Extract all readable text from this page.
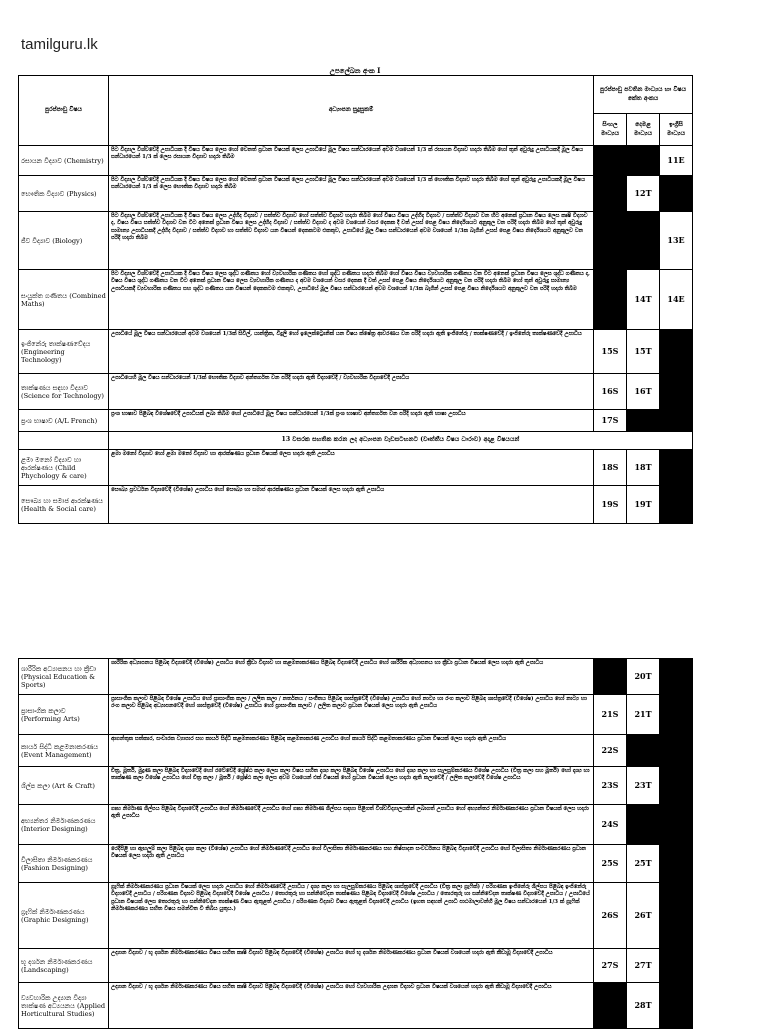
tamilguru.lk
උපලේඛන අංක I
පුරප්පාඩු විෂය	අධ්‍යාපන සුදුසුකම්	පුරප්පාඩු පවතින මාධ්‍යය හා විෂය කේත අංකය		
		සිංහල මාධ්‍යය	දෙමළ මාධ්‍යය	ඉංග්‍රීසි මාධ්‍යය
රසායන විද්‍යාව (Chemistry)	පිට විද්‍යාල විශ්වවේදි උපාධියක දී විෂය විෂය ලෙස හෝ වෙනත් ප්‍රධාන විෂයක් ලෙස උපාධියේ මූල විෂය සන්ධාරයෙන් අවම වශයෙන් 1/3 ක් රසායන විද්‍යාව හදාරා තිබීම හෝ තුන් අවුරුදු උපාධියකදී මූල විෂය සන්ධාරයෙන් 1/3 ක් ලෙස රසායන විද්‍යාව හදාරා තිබීම			11E
භෞතික විද්‍යාව (Physics)	පිට විද්‍යාල විශ්වවේදි උපාධියක දී විෂය විෂය ලෙස හෝ වෙනත් ප්‍රධාන විෂයක් ලෙස උපාධියේ මූල විෂය සන්ධාරයෙන් අවම වශයෙන් 1/3 ක් භෞතික විද්‍යාව හදාරා තිබීම හෝ තුන් අවුරුදු උපාධියකදී මූල විෂය සන්ධාරයෙන් 1/3 ක් ලෙස භෞතික විද්‍යාව හදාරා තිබීම		12T	
ජීව විද්‍යාව (Biology)	පිට විද්‍යාල විශ්වවේදි උපාධියක දී විෂය විෂය ලෙස උද්භිද විද්‍යාව / සත්ත්ව විද්‍යාව හෝ සත්ත්ව විද්‍යාව හදාරා තිබීම හෝ විෂය විෂය උද්භිද විද්‍යාව / සත්ත්ව විද්‍යාව වන හිට අනෙක් ප්‍රධාන විෂය ලෙස කෘෂි විද්‍යාව ද, විෂය විෂය සත්ත්ව විද්‍යාව වන විට අනෙක් ප්‍රධාන විෂය ලෙස උද්භිද විද්‍යාව / සත්ත්ව විද්‍යාව ද අවම වශයෙන් වසර දෙකක දී වත් උසස් පෙළ විෂය නිර්දේශයට අනුකූල වන පරිදි හදාරා තිබීම හෝ තුන් අවුරුදු සාමාන්‍ය උපාධියකදී උද්භිද විද්‍යාව / සත්ත්ව විද්‍යාව හා සත්ත්ව විද්‍යාව යන විෂයන් දෙකකටම එකතුව, උපාධියේ මූල විෂය සන්ධාරයෙන් අවම වශයෙන් 1/3ක බැගින් උසස් පෙළ විෂය නිර්දේශයට අනුකූලව වන පරිදි හදාරා තිබීම			13E
සංයුක්ත ගණිතය (Combined Maths)	පිට විද්‍යාල විශ්වවේදි උපාධියක දී විෂය විෂය ලෙස ශුද්ධ ගණිතය හෝ ව්‍යවහාරික ගණිතය හෝ ශුද්ධ ගණිතය හදාරා තිබීම හෝ විෂය විෂය ව්‍යවහාරික ගණිතය වන විට අනෙක් ප්‍රධාන විෂය ලෙස ශුද්ධ ගණිතය ද, විෂය විෂය ශුද්ධ ගණිතය වන විට අනෙක් ප්‍රධාන විෂය ලෙස ව්‍යවහාරික ගණිතය ද අවම වශයෙන් වසර දෙකක දී වත් උසස් පෙළ විෂය නිර්දේශයට අනුකූල වන පරිදි හදාරා තිබීම හෝ තුන් අවුරුදු සාමාන්‍ය උපාධියකදී ව්‍යවහාරික ගණිතය සහ ශුද්ධ ගණිතය යන විෂයන් දෙකකටම එකතුව, උපාධියේ මූල විෂය සන්ධාරයෙන් අවම වශයෙන් 1/3ක බැගින් උසස් පෙළ විෂය නිර්දේශයට අනුකූලව වන පරිදි හදාරා තිබීම		14T	14E
ඉංජිනේරු තාක්ෂණවේදය (Engineering Technology)	උපාධියේ මූල විෂය සන්ධාරයෙන් අවම වශයෙන් 1/3ක් සිවිල්, යාන්ත්‍රික, විදුලි හෝ ඉලෙක්ට්‍රොනික් යන විෂය ක්ෂේත්‍ර ආවරණය වන පරිදි හදාරා ඇති ඉංජිනේරු / තාක්ෂණවේදී / ඉංජිනේරු තාක්ෂණවේදී උපාධිය	15S	15T	
තාක්ෂණය සඳහා විද්‍යාව (Science for Technology)	උපාධියෙහි මූල විෂය සන්ධාරයෙන් 1/3ක් භෞතික විද්‍යාව අන්තර්ගත වන පරිදි හදාරා ඇති විද්‍යාවේදී / ව්‍යවහාරික විද්‍යාවේදී උපාධිය	16S	16T	
ප්‍රංශ භාෂාව (A/L French)	ප්‍රංශ භාෂාව පිළිබඳ විශේෂවේදී උපාධියක් ලබා තිබීම හෝ උපාධියේ මූල විෂය සන්ධාරයෙන් 1/3ක් ප්‍රංශ භාෂාව අන්තර්ගත වන පරිදි හදාරා ඇති භාෂා උපාධිය	17S		
	13 වසරක සහතික කරන ලද අධ්‍යාපන වැඩසටහනට (වෘත්තීය විෂය ධාරාව) අදාළ විෂයයන්			
ළමා මනෝ විද්‍යාව හා ආරක්ෂණය (Child Phychology & care)	ළමා මනෝ විද්‍යාව හෝ ළමා මනෝ විද්‍යාව හා ආරක්ෂණය ප්‍රධාන විෂයක් ලෙස හදාරා ඇති උපාධිය	18S	18T	
සෞඛ්‍ය හා සමාජ ආරක්ෂණය (Health & Social care)	සෞඛ්‍ය ප්‍රවර්ධන විද්‍යාවේදී (විශේෂ) උපාධිය හෝ සෞඛ්‍ය හා සමාජ ආරක්ෂණය ප්‍රධාන විෂයක් ලෙස හදාරා ඇති උපාධිය	19S	19T	
ශාරීරික අධ්‍යාපනය හා ක්‍රීඩා (Physical Education & Sports)	ශාරීරික අධ්‍යාපනය පිළිබඳ විද්‍යාවේදී (විශේෂ) උපාධිය හෝ ක්‍රීඩා විද්‍යාව හා කළමනාකරණය පිළිබඳ විද්‍යාවේදී උපාධිය හෝ ශාරීරික අධ්‍යාපනය හා ක්‍රීඩා ප්‍රධාන විෂයක් ලෙස හදාරා ඇති උපාධිය		20T	
ප්‍රාසාංගික කලාව (Performing Arts)	ප්‍රාසාංගික කලාව පිළිබඳ විශේෂ උපාධිය හෝ ප්‍රාසාංගික කලා / ලලිත කලා / නර්තනය / සංගීතය පිළිබඳ ශාස්ත්‍රවේදී (විශේෂ) උපාධිය හෝ නාට්‍ය හා රංග කලාව පිළිබඳ ශාස්ත්‍රවේදී (විශේෂ) උපාධිය හෝ නාට්‍ය හා රංග කලාව පිළිබඳ අධ්‍යාපනවේදී හෝ ශාස්ත්‍රවේදී (විශේෂ) උපාධිය හෝ ප්‍රාසාංගික කලාව / ලලිත කලාව ප්‍රධාන විෂයක් ලෙස හදාරා ඇති උපාධිය	21S	21T	
කාර්ය සිද්ධි කළමනාකරණය (Event Management)	ආගන්තුක සත්කාර, සංචාරක ව්‍යාපාර සහ කාර්ය සිද්ධි කළමනාකරණය පිළිබඳ කළමනාකරණ උපාධිය හෝ කාර්ය සිද්ධි කළමනාකරණය ප්‍රධාන විෂයක් ලෙස හදාරා ඇති උපාධිය	22S		
ශිල්ප කලා (Art & Craft)	චිත්‍ර, මූර්ති, මුද්‍රණ කලා පිළිබඳ විද්‍යාවේදී හෝ රටේවේදී ශ්‍රේෂ්ඨ කලා ලෙස කලා විෂය සහිත දෘශ්‍ය කලා පිළිබඳ විශේෂ උපාධිය හෝ දෘශ්‍ය කලා හා සැලසුම්කරණය විශේෂ උපාධිය (චිත්‍ර කලා සහ මූර්ති) හෝ දෘශ්‍ය හා තාක්ෂණ කලා විශේෂ උපාධිය හෝ චිත්‍ර කලා / මූර්ති / ශ්‍රේෂ්ඨ කලා ලෙස අවම වශයෙන් එක් විෂයක් හෝ ප්‍රධාන විෂයක් ලෙස හදාරා ඇති කලාවේදී / ලලිත කලාවේදී විශේෂ උපාධිය	23S	23T	
අභ්‍යන්තර නිර්මාණකරණය (Interior Designing)	ගෘහ නිර්මාණ ශිල්පය පිළිබඳ විද්‍යාවේදී උපාධිය හෝ නිර්මාණවේදී උපාධිය හෝ ගෘහ නිර්මාණ ශිල්පය සඳහා පිළිගත් විශ්වවිද්‍යාලයකින් ලබාගත් උපාධිය හෝ අභ්‍යන්තර නිර්මාණකරණය ප්‍රධාන විෂයක් ලෙස හදාරා ඇති උපාධිය	24S		
විලාසිතා නිර්මාණකරණය (Fashion Designing)	රෙදිපිළි හා ඇඟලුම් කලා පිළිබඳ දෘශ්‍ය කලා (විශේෂ) උපාධිය හෝ නිර්මාණවේදී උපාධිය හෝ විලාසිතා නිර්මාණකරණය සහ නිෂ්පාදන සංවර්ධනය පිළිබඳ විද්‍යාවේදී උපාධිය හෝ විලාසිතා නිර්මාණකරණය ප්‍රධාන විෂයක් ලෙස හදාරා ඇති උපාධිය	25S	25T	
ග්‍රැෆික් නිර්මාණකරණය (Graphic Designing)	ග්‍රැෆික් නිර්මාණකරණය ප්‍රධාන විෂයක් ලෙස හදාරා උපාධිය හෝ නිර්මාණවේදී උපාධිය / දෘශ්‍ය කලා හා සැලසුම්කරණය පිළිබඳ ශාස්ත්‍රවේදී උපාධිය (චිත්‍ර කලා ග්‍රැෆික්) / පරිගණක ඉංජිනේරු ශිල්පය පිළිබඳ ඉංජිනේරු විද්‍යාවේදී උපාධිය / පරිගණක විද්‍යාව පිළිබඳ විද්‍යාවේදී විශේෂ උපාධිය / තොරතුරු හා සන්නිවේදන තාක්ෂණය පිළිබඳ විද්‍යාවේදී විශේෂ උපාධිය / තොරතුරු හා සන්නිවේදන තාක්ෂණ විද්‍යාවේදී උපාධිය / උපාධියේ ප්‍රධාන විෂයක් ලෙස තොරතුරු හා සන්නිවේදන තාක්ෂණ විෂය ඇතුළත් උපාධිය / පරිගණක විද්‍යාව විෂය ඇතුළත් විද්‍යාවේදී උපාධිය (ඉහත සඳහන් උපාධි පාඨමාලාවන්හි මූල විෂය සන්ධාරයෙන් 1/3 ක් ග්‍රැෆික් නිර්මාණකරණය සහිත විෂය සමන්විත වී තිබිය යුතුය.)	26S	26T	
භූ දර්ශන නිර්මාණකරණය (Landscaping)	උද්‍යාන විද්‍යාව / භූ දර්ශන නිර්මාණකරණය විෂය සහිත කෘෂි විද්‍යාව පිළිබඳ විද්‍යාවේදී (විශේෂ) උපාධිය හෝ භූ දර්ශන නිර්මාණකරණය ප්‍රධාන විෂයක් වශයෙන් හදාරා ඇති කීඩාමූ විද්‍යාවේදී උපාධිය	27S	27T	
ව්‍යවහාරික උද්‍යාන විද්‍යා තාක්ෂණ අධ්‍යයනය (Applied Horticultural Studies)	උද්‍යාන විද්‍යාව / භූ දර්ශන නිර්මාණකරණය විෂය සහිත කෘෂි විද්‍යාව පිළිබඳ විද්‍යාවේදී (විශේෂ) උපාධිය හෝ ව්‍යවහාරික උද්‍යාන විද්‍යාව ප්‍රධාන විෂයක් වශයෙන් හදාරා ඇති කීඩාමූ විද්‍යාවේදී උපාධිය		28T	
